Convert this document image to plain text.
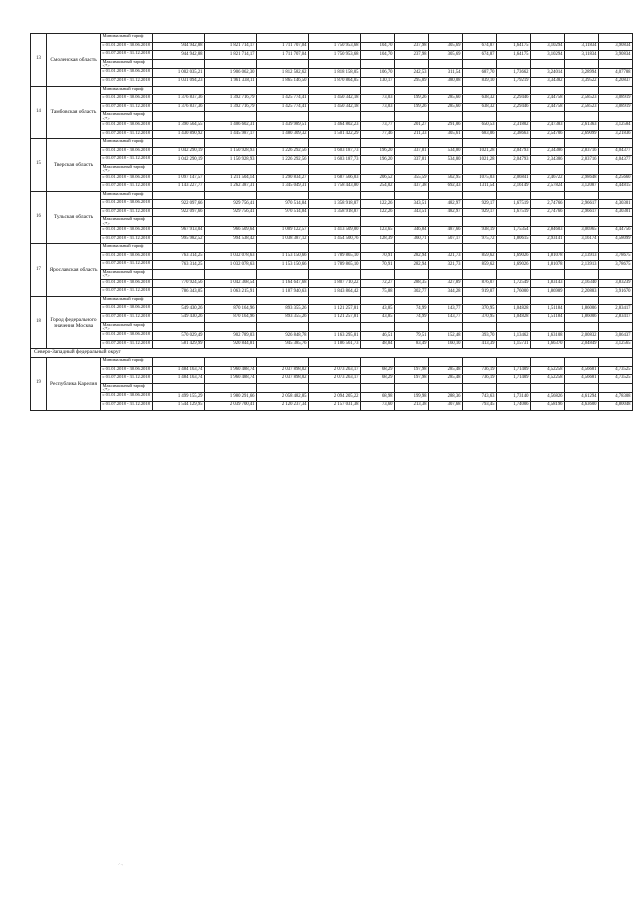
13	Смоленская область	Минимальный тариф												
		с 01.01.2018 - 30.06.2018	944 942,88	1 821 714,17	1 711 707,04	1 750 953,68	104,70	237,98	305,69	674,87	1,64175	3,10294	3,11834	3,90834
		с 01.07.2018 - 31.12.2018	944 942,88	1 821 714,17	1 711 707,04	1 750 953,68	104,70	237,98	305,69	674,87	1,64175	3,10294	3,11834	3,90834
		Максимальный тариф <*>												
		с 01.01.2018 - 30.06.2018	1 002 035,21	1 906 062,30	1 812 582,62	1 818 158,05	106,70	242,53	311,54	687,70	1,73662	3,24014	3,28994	4,07788
		с 01.07.2018 - 31.12.2018	1 031 094,23	1 961 338,11	1 865 146,50	1 870 864,05	130,17	295,89	380,08	839,10	1,79219	3,34382	3,39522	4,20837
14	Тамбовская область	Минимальный тариф												
		с 01.01.2018 - 30.06.2018	1 376 837,36	1 392 716,79	1 425 774,41	1 450 342,18	73,03	199,26	285,60	638,32	2,29446	2,44758	2,58523	3,08919
		с 01.07.2018 - 31.12.2018	1 376 837,36	1 392 716,79	1 425 774,41	1 450 342,18	73,03	199,26	285,60	638,32	2,29446	2,44758	2,58523	3,08919
		Максимальный тариф <*>												
		с 01.01.2018 - 30.06.2018	1 390 564,55	1 406 602,31	1 439 989,51	1 464 802,23	73,77	201,27	291,06	650,53	2,31802	2,47383	2,61363	3,12584
		с 01.07.2018 - 31.12.2018	1 430 890,92	1 445 987,17	1 480 309,32	1 501 422,29	77,46	211,33	305,61	683,06	2,38663	2,54706	2,69099	3,21836
15	Тверская область	Минимальный тариф												
		с 01.01.2018 - 30.06.2018	1 042 290,19	1 150 928,93	1 226 292,56	1 603 187,73	196,20	337,81	534,80	1021,28	2,04793	2,34386	2,83716	4,04377
		с 01.07.2018 - 31.12.2018	1 042 290,19	1 150 928,93	1 226 292,56	1 603 187,73	196,20	337,81	534,80	1021,28	2,04793	2,34386	2,83716	4,04377
		Максимальный тариф <*>												
		с 01.01.2018 - 30.06.2018	1 097 147,57	1 211 504,14	1 290 834,27	1 687 566,03	206,52	355,59	562,95	1075,03	2,06841	2,46722	2,98648	4,25660
		с 01.07.2018 - 31.12.2018	1 143 227,77	1 262 387,31	1 345 049,31	1 758 443,80	254,02	437,38	692,43	1311,54	2,16149	2,57824	3,12087	4,44815
16	Тульская область	Минимальный тариф												
		с 01.01.2018 - 30.06.2018	922 097,66	929 756,41	970 514,84	1 358 918,87	122,26	343,51	482,97	929,17	1,67519	2,74766	2,96617	4,30301
		с 01.07.2018 - 31.12.2018	922 097,66	929 756,41	970 514,84	1 358 918,87	122,26	343,51	482,97	929,17	1,67519	2,74766	2,96617	4,30301
		Максимальный тариф <*>												
		с 01.01.2018 - 30.06.2018	967 913,04	966 509,64	1 009 122,57	1 413 509,00	123,65	346,84	487,66	938,19	1,75354	2,84603	3,06965	4,44756
		с 01.07.2018 - 31.12.2018	995 982,52	994 538,42	1 038 387,12	1 454 500,76	128,39	360,71	507,17	975,72	1,80615	2,93141	3,16174	4,58099
17	Ярославская область	Минимальный тариф												
		с 01.01.2018 - 30.06.2018	763 314,25	1 032 078,63	1 153 150,66	1 789 865,10	70,91	282,94	321,73	859,62	1,69026	1,81078	2,13913	3,78675
		с 01.07.2018 - 31.12.2018	763 314,25	1 032 078,63	1 153 150,66	1 789 865,10	70,91	282,94	321,73	859,62	1,69026	1,81078	2,13913	3,78675
		Максимальный тариф <*>												
		с 01.01.2018 - 30.06.2018	770 924,56	1 042 368,54	1 164 647,68	1 807 710,22	72,27	288,35	327,89	876,07	1,72549	1,83143	2,16340	3,83239
		с 01.07.2018 - 31.12.2018	786 343,05	1 063 215,91	1 187 940,63	1 843 864,42	75,88	302,77	344,28	919,87	1,76000	1,86989	2,20883	3,91670
18	Город федерального значения Москва	Минимальный тариф												
		с 01.01.2018 - 30.06.2018	549 430,26	870 164,96	893 355,26	1 121 257,81	43,85	74,99	143,77	370,95	1,04828	1,51184	1,86006	2,83417
		с 01.07.2018 - 31.12.2018	549 430,26	870 164,96	893 355,26	1 121 257,81	43,85	74,99	143,77	370,95	1,04828	1,51184	1,86006	2,83417
		Максимальный тариф <*>												
		с 01.01.2018 - 30.06.2018	570 029,49	902 789,03	926 848,78	1 163 295,81	46,51	79,51	152,48	393,70	1,13462	1,63108	2,00832	3,06437
		с 01.07.2018 - 31.12.2018	581 429,99	920 844,81	945 385,76	1 186 561,73	48,84	83,49	160,10	413,39	1,15731	1,66370	2,04849	3,12565
Северо-Западный федеральный округ														
19	Республика Карелия	Минимальный тариф												
		с 01.01.2018 - 30.06.2018	1 484 163,74	1 960 488,74	2 037 898,02	2 073 263,17	68,29	197,98	285,48	736,19	1,71409	4,52258	4,56681	4,73525
		с 01.07.2018 - 31.12.2018	1 484 163,74	1 960 488,74	2 037 898,02	2 073 263,17	68,29	197,98	285,48	736,19	1,71409	4,52258	4,56681	4,73525
		Максимальный тариф <*>												
		с 01.01.2018 - 30.06.2018	1 499 155,29	1 980 291,66	2 058 482,85	2 094 205,22	68,98	199,98	288,36	743,63	1,73140	4,56826	4,61294	4,78308
		с 01.07.2018 - 31.12.2018	1 544 129,95	2 039 700,41	2 120 237,34	2 157 031,38	73,60	213,38	307,68	793,45	1,74006	4,58196	4,63600	4,80048
. ' . ,
